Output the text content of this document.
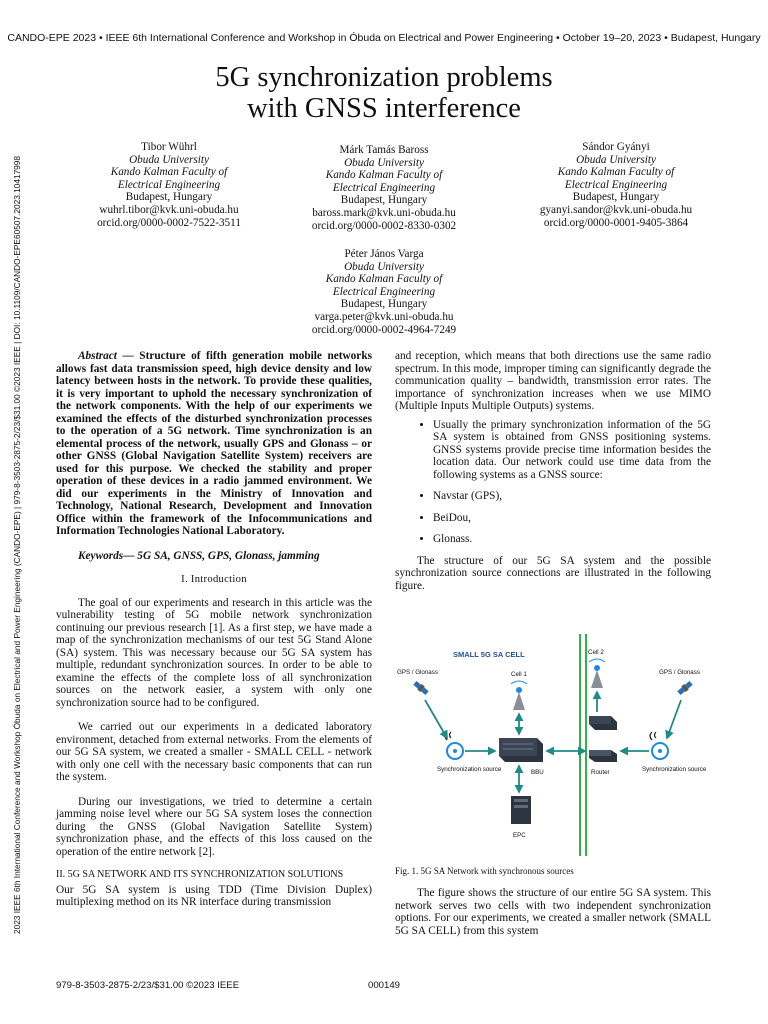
CANDO-EPE 2023 • IEEE 6th International Conference and Workshop in Óbuda on Electrical and Power Engineering • October 19–20, 2023 • Budapest, Hungary
2023 IEEE 6th International Conference and Workshop Óbuda on Electrical and Power Engineering (CANDO-EPE) | 979-8-3503-2875-2/23/$31.00 ©2023 IEEE | DOI: 10.1109/CANDO-EPE60507.2023.10417998
5G synchronization problems
with GNSS interference
Tibor Wührl
Obuda University
Kando Kalman Faculty of
Electrical Engineering
Budapest, Hungary
wuhrl.tibor@kvk.uni-obuda.hu
orcid.org/0000-0002-7522-3511
Márk Tamás Baross
Obuda University
Kando Kalman Faculty of
Electrical Engineering
Budapest, Hungary
baross.mark@kvk.uni-obuda.hu
orcid.org/0000-0002-8330-0302
Sándor Gyányi
Obuda University
Kando Kalman Faculty of
Electrical Engineering
Budapest, Hungary
gyanyi.sandor@kvk.uni-obuda.hu
orcid.org/0000-0001-9405-3864
Péter János Varga
Obuda University
Kando Kalman Faculty of
Electrical Engineering
Budapest, Hungary
varga.peter@kvk.uni-obuda.hu
orcid.org/0000-0002-4964-7249

Abstract — Structure of fifth generation mobile networks allows fast data transmission speed, high device density and low latency between hosts in the network. To provide these qualities, it is very important to uphold the necessary synchronization of the network components. With the help of our experiments we examined the effects of the disturbed synchronization processes to the operation of a 5G network. Time synchronization is an elemental process of the network, usually GPS and Glonass – or other GNSS (Global Navigation Satellite System) receivers are used for this purpose. We checked the stability and proper operation of these devices in a radio jammed environment. We did our experiments in the Ministry of Innovation and Technology, National Research, Development and Innovation Office within the framework of the Infocommunications and Information Technologies National Laboratory.

Keywords— 5G SA, GNSS, GPS, Glonass, jamming

I. Introduction

The goal of our experiments and research in this article was the vulnerability testing of 5G mobile network synchronization continuing our previous research [1]. As a first step, we have made a map of the synchronization mechanisms of our test 5G Stand Alone (SA) system. This was necessary because our 5G SA system has multiple, redundant synchronization sources. In order to be able to examine the effects of the complete loss of all synchronization sources on the network easier, a system with only one synchronization source had to be configured.

We carried out our experiments in a dedicated laboratory environment, detached from external networks. From the elements of our 5G SA system, we created a smaller - SMALL CELL - network with only one cell with the necessary basic components that can run the system.

During our investigations, we tried to determine a certain jamming noise level where our 5G SA system loses the connection during the GNSS (Global Navigation Satellite System) synchronization phase, and the effects of this loss caused on the operation of the entire network [2].

II. 5G SA NETWORK AND ITS SYNCHRONIZATION SOLUTIONS

Our 5G SA system is using TDD (Time Division Duplex) multiplexing method on its NR interface during transmission

and reception, which means that both directions use the same radio spectrum. In this mode, improper timing can significantly degrade the communication quality – bandwidth, transmission error rates. The importance of synchronization increases when we use MIMO (Multiple Inputs Multiple Outputs) systems.

• Usually the primary synchronization information of the 5G SA system is obtained from GNSS positioning systems. GNSS systems provide precise time information besides the location data. Our network could use time data from the following systems as a GNSS source:
• Navstar (GPS),
• BeiDou,
• Glonass.

The structure of our 5G SA system and the possible synchronization source connections are illustrated in the following figure.

SMALL 5G SA CELL
GPS / Glonass	GPS / Glonass
Cell 1
Cell 2
Synchronization source	Synchronization source
BBU	Router
EPC
Fig. 1. 5G SA Network with synchronous sources

The figure shows the structure of our entire 5G SA system. This network serves two cells with two independent synchronization options. For our experiments, we created a smaller network (SMALL 5G SA CELL) from this system

979-8-3503-2875-2/23/$31.00 ©2023 IEEE	000149
